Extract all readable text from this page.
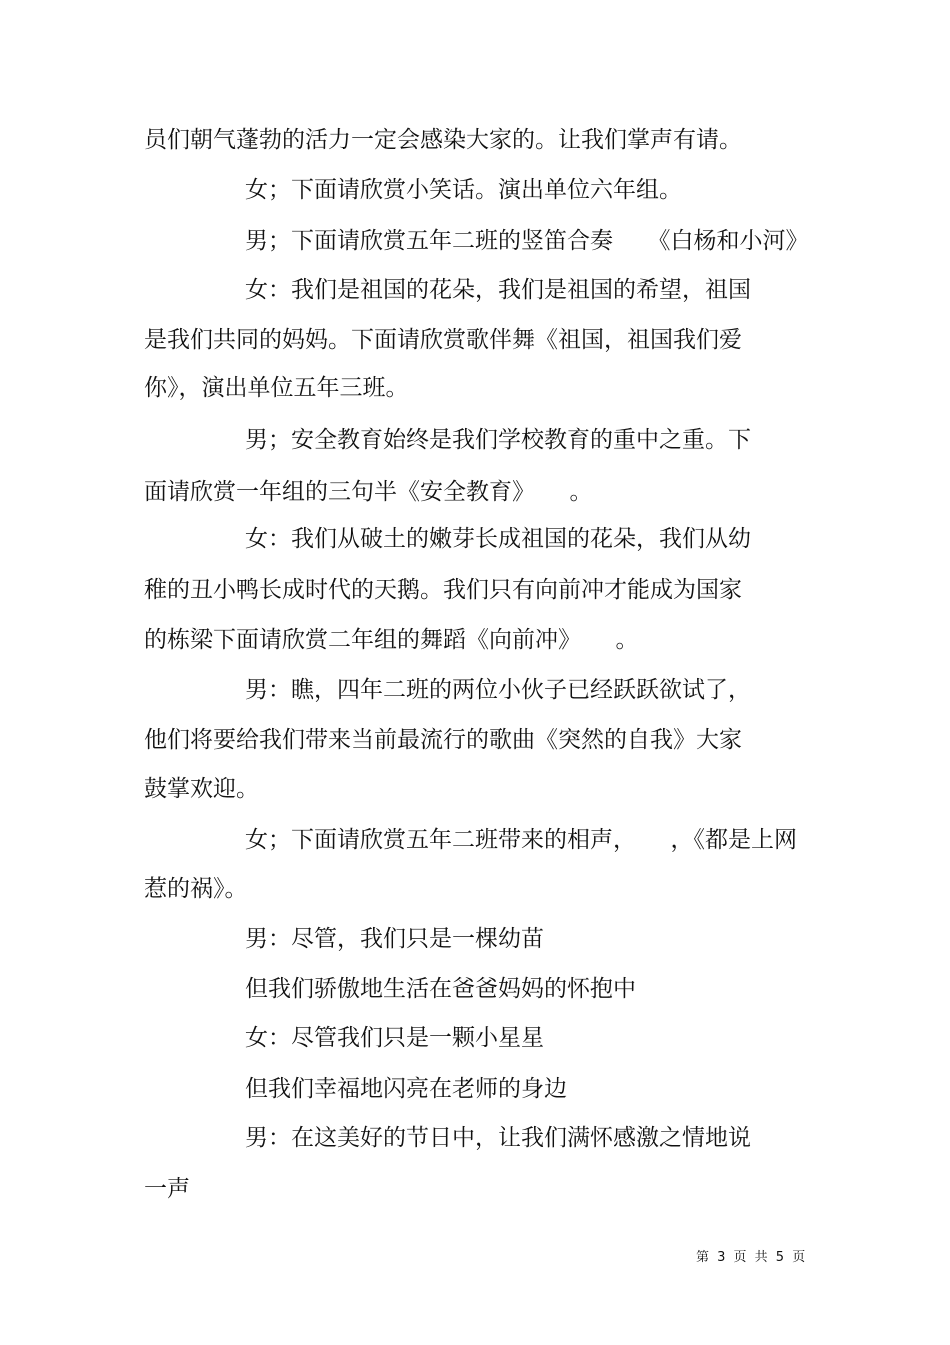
员们朝气蓬勃的活力一定会感染大家的。让我们掌声有请。
女；下面请欣赏小笑话。演出单位六年组。
男；下面请欣赏五年二班的竖笛合奏　　《白杨和小河》
女：我们是祖国的花朵，我们是祖国的希望，祖国
是我们共同的妈妈。下面请欣赏歌伴舞《祖国，祖国我们爱
你》，演出单位五年三班。
男；安全教育始终是我们学校教育的重中之重。下
面请欣赏一年组的三句半《安全教育》　　。
女：我们从破土的嫩芽长成祖国的花朵，我们从幼
稚的丑小鸭长成时代的天鹅。我们只有向前冲才能成为国家
的栋梁下面请欣赏二年组的舞蹈《向前冲》　　。
男：瞧，四年二班的两位小伙子已经跃跃欲试了，
他们将要给我们带来当前最流行的歌曲《突然的自我》大家
鼓掌欢迎。
女；下面请欣赏五年二班带来的相声，　　，《都是上网
惹的祸》。
男：尽管，我们只是一棵幼苗
但我们骄傲地生活在爸爸妈妈的怀抱中
女：尽管我们只是一颗小星星
但我们幸福地闪亮在老师的身边
男：在这美好的节日中，让我们满怀感激之情地说
一声
第 3 页 共 5 页
